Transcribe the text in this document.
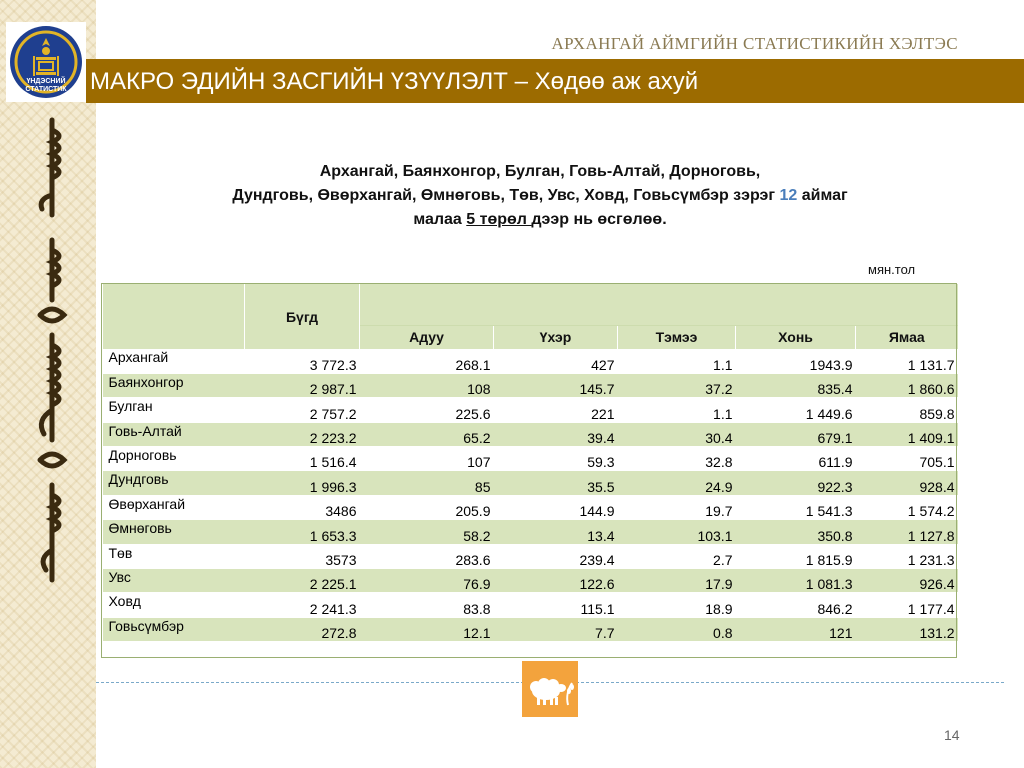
ҮНДЭСНИЙ
СТАТИСТИК
АРХАНГАЙ АЙМГИЙН СТАТИСТИКИЙН ХЭЛТЭС
МАКРО ЭДИЙН ЗАСГИЙН ҮЗҮҮЛЭЛТ – Хөдөө аж ахуй
Архангай, Баянхонгор, Булган, Говь-Алтай, Дорноговь,
Дундговь, Өвөрхангай, Өмнөговь, Төв, Увс, Ховд, Говьсүмбэр зэрэг 12 аймаг
малаа 5 төрөл дээр нь өсгөлөө.
мян.тол
	Бүгд					
		Адуу	Үхэр	Тэмээ	Хонь	Ямаа
Архангай	3 772.3	268.1	427	1.1	1943.9	1 131.7
Баянхонгор	2 987.1	108	145.7	37.2	835.4	1 860.6
Булган	2 757.2	225.6	221	1.1	1 449.6	859.8
Говь-Алтай	2 223.2	65.2	39.4	30.4	679.1	1 409.1
Дорноговь	1 516.4	107	59.3	32.8	611.9	705.1
Дундговь	1 996.3	85	35.5	24.9	922.3	928.4
Өвөрхангай	3486	205.9	144.9	19.7	1 541.3	1 574.2
Өмнөговь	1 653.3	58.2	13.4	103.1	350.8	1 127.8
Төв	3573	283.6	239.4	2.7	1 815.9	1 231.3
Увс	2 225.1	76.9	122.6	17.9	1 081.3	926.4
Ховд	2 241.3	83.8	115.1	18.9	846.2	1 177.4
Говьсүмбэр	272.8	12.1	7.7	0.8	121	131.2
14
